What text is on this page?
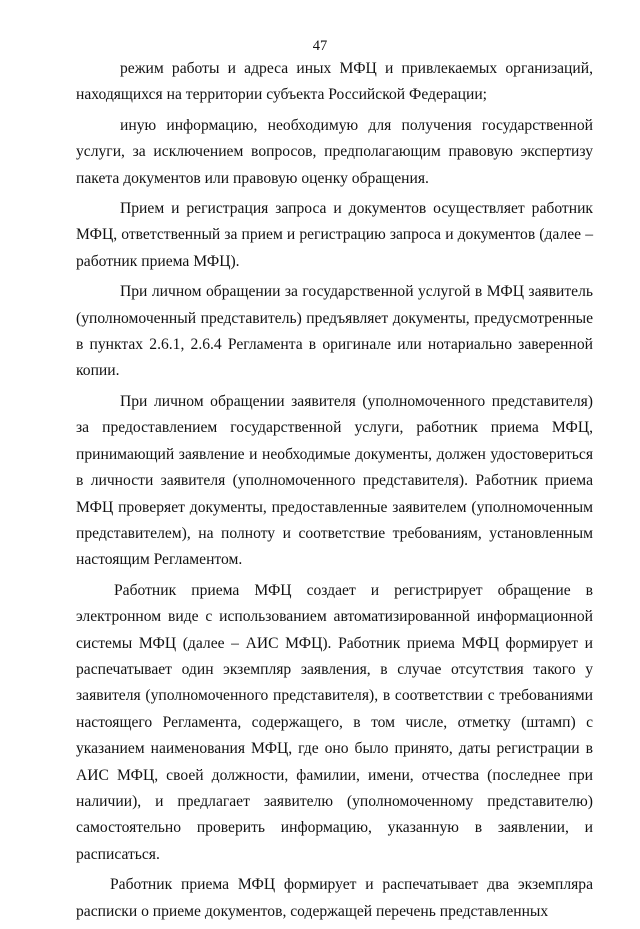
47

режим работы и адреса иных МФЦ и привлекаемых организаций, находящихся на территории субъекта Российской Федерации;

иную информацию, необходимую для получения государственной услуги, за исключением вопросов, предполагающим правовую экспертизу пакета документов или правовую оценку обращения.

Прием и регистрация запроса и документов осуществляет работник МФЦ, ответственный за прием и регистрацию запроса и документов (далее – работник приема МФЦ).

При личном обращении за государственной услугой в МФЦ заявитель (уполномоченный представитель) предъявляет документы, предусмотренные в пунктах 2.6.1, 2.6.4 Регламента в оригинале или нотариально заверенной копии.

При личном обращении заявителя (уполномоченного представителя) за предоставлением государственной услуги, работник приема МФЦ, принимающий заявление и необходимые документы, должен удостовериться в личности заявителя (уполномоченного представителя). Работник приема МФЦ проверяет документы, предоставленные заявителем (уполномоченным представителем), на полноту и соответствие требованиям, установленным настоящим Регламентом.

Работник приема МФЦ создает и регистрирует обращение в электронном виде с использованием автоматизированной информационной системы МФЦ (далее – АИС МФЦ). Работник приема МФЦ формирует и распечатывает один экземпляр заявления, в случае отсутствия такого у заявителя (уполномоченного представителя), в соответствии с требованиями настоящего Регламента, содержащего, в том числе, отметку (штамп) с указанием наименования МФЦ, где оно было принято, даты регистрации в АИС МФЦ, своей должности, фамилии, имени, отчества (последнее при наличии), и предлагает заявителю (уполномоченному представителю) самостоятельно проверить информацию, указанную в заявлении, и расписаться.

Работник приема МФЦ формирует и распечатывает два экземпляра расписки о приеме документов, содержащей перечень представленных
